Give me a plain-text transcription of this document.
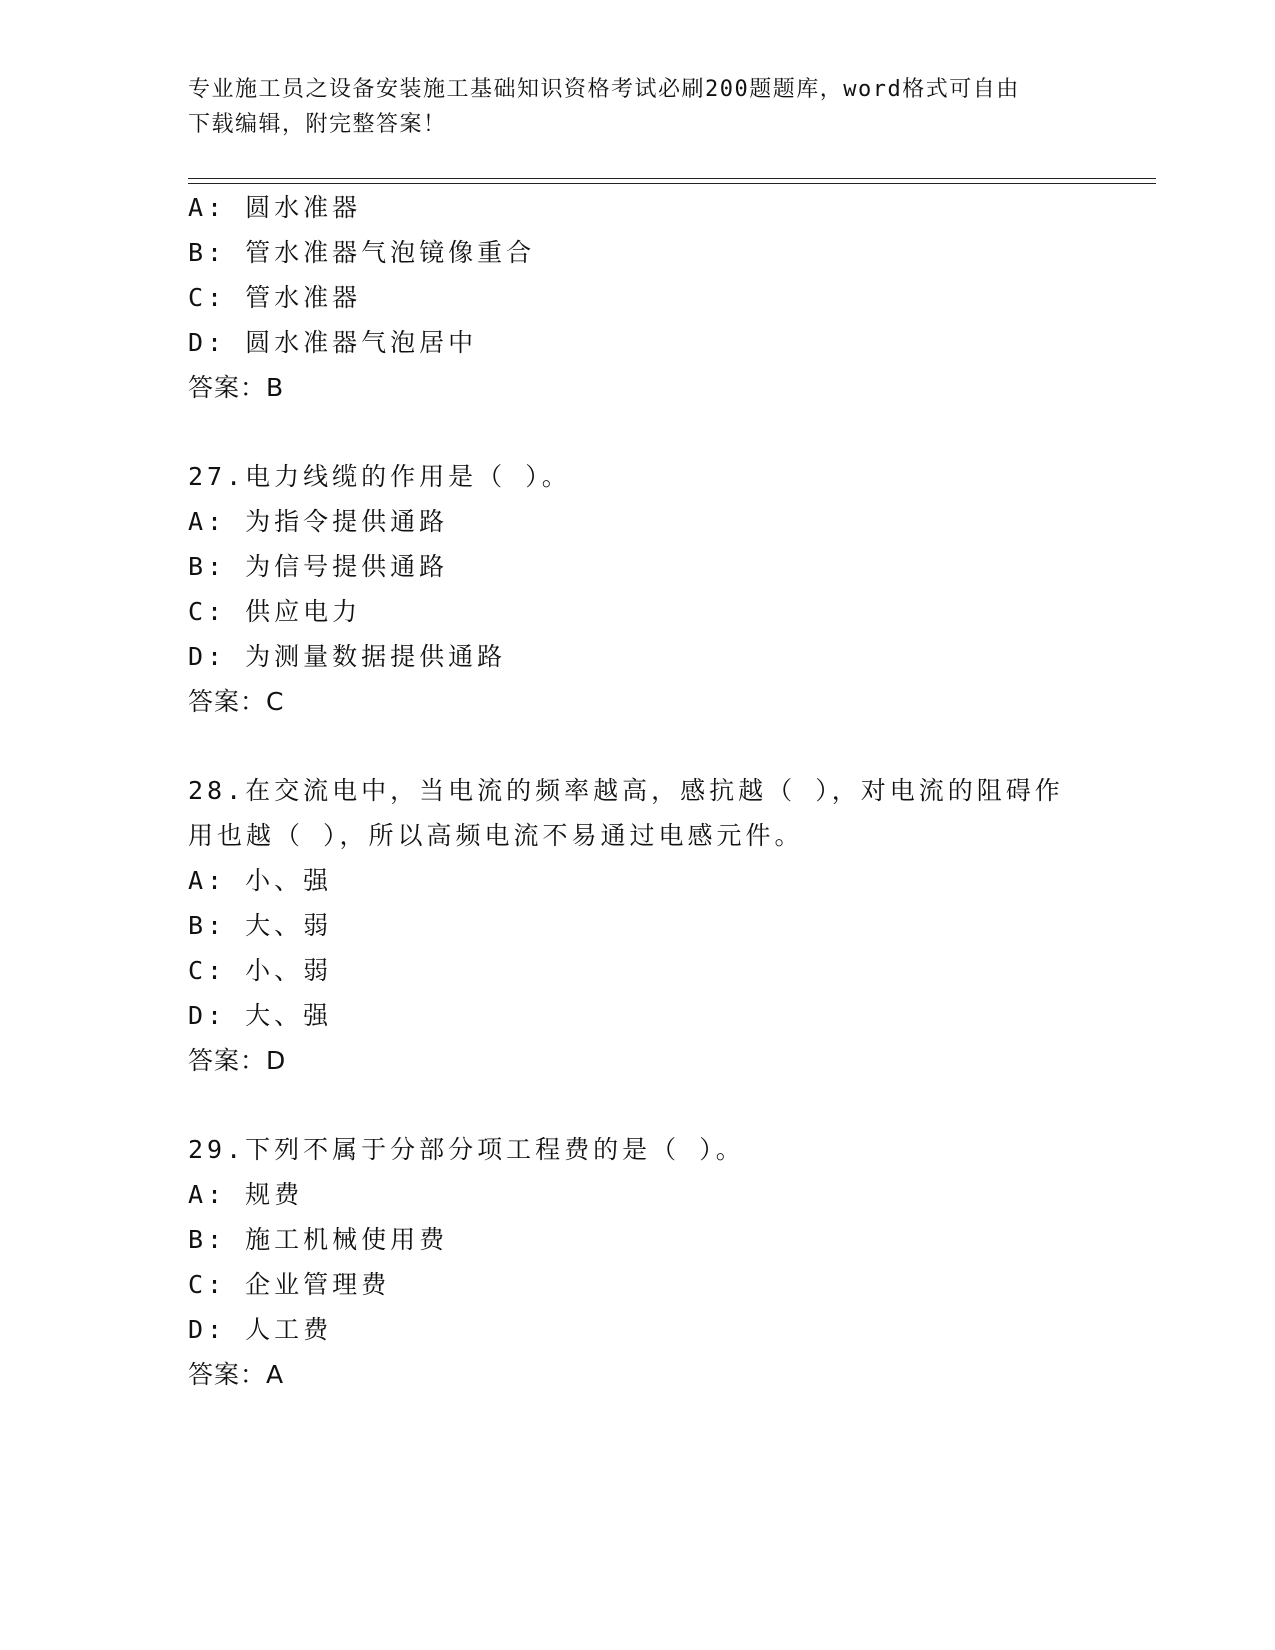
专业施工员之设备安装施工基础知识资格考试必刷200题题库，word格式可自由
下载编辑，附完整答案！
A: 圆水准器
B: 管水准器气泡镜像重合
C: 管水准器
D: 圆水准器气泡居中
答案：B
27.电力线缆的作用是（ ）。
A: 为指令提供通路
B: 为信号提供通路
C: 供应电力
D: 为测量数据提供通路
答案：C
28.在交流电中，当电流的频率越高，感抗越（ ），对电流的阻碍作
用也越（ ），所以高频电流不易通过电感元件。
A: 小、强
B: 大、弱
C: 小、弱
D: 大、强
答案：D
29.下列不属于分部分项工程费的是（ ）。
A: 规费
B: 施工机械使用费
C: 企业管理费
D: 人工费
答案：A
